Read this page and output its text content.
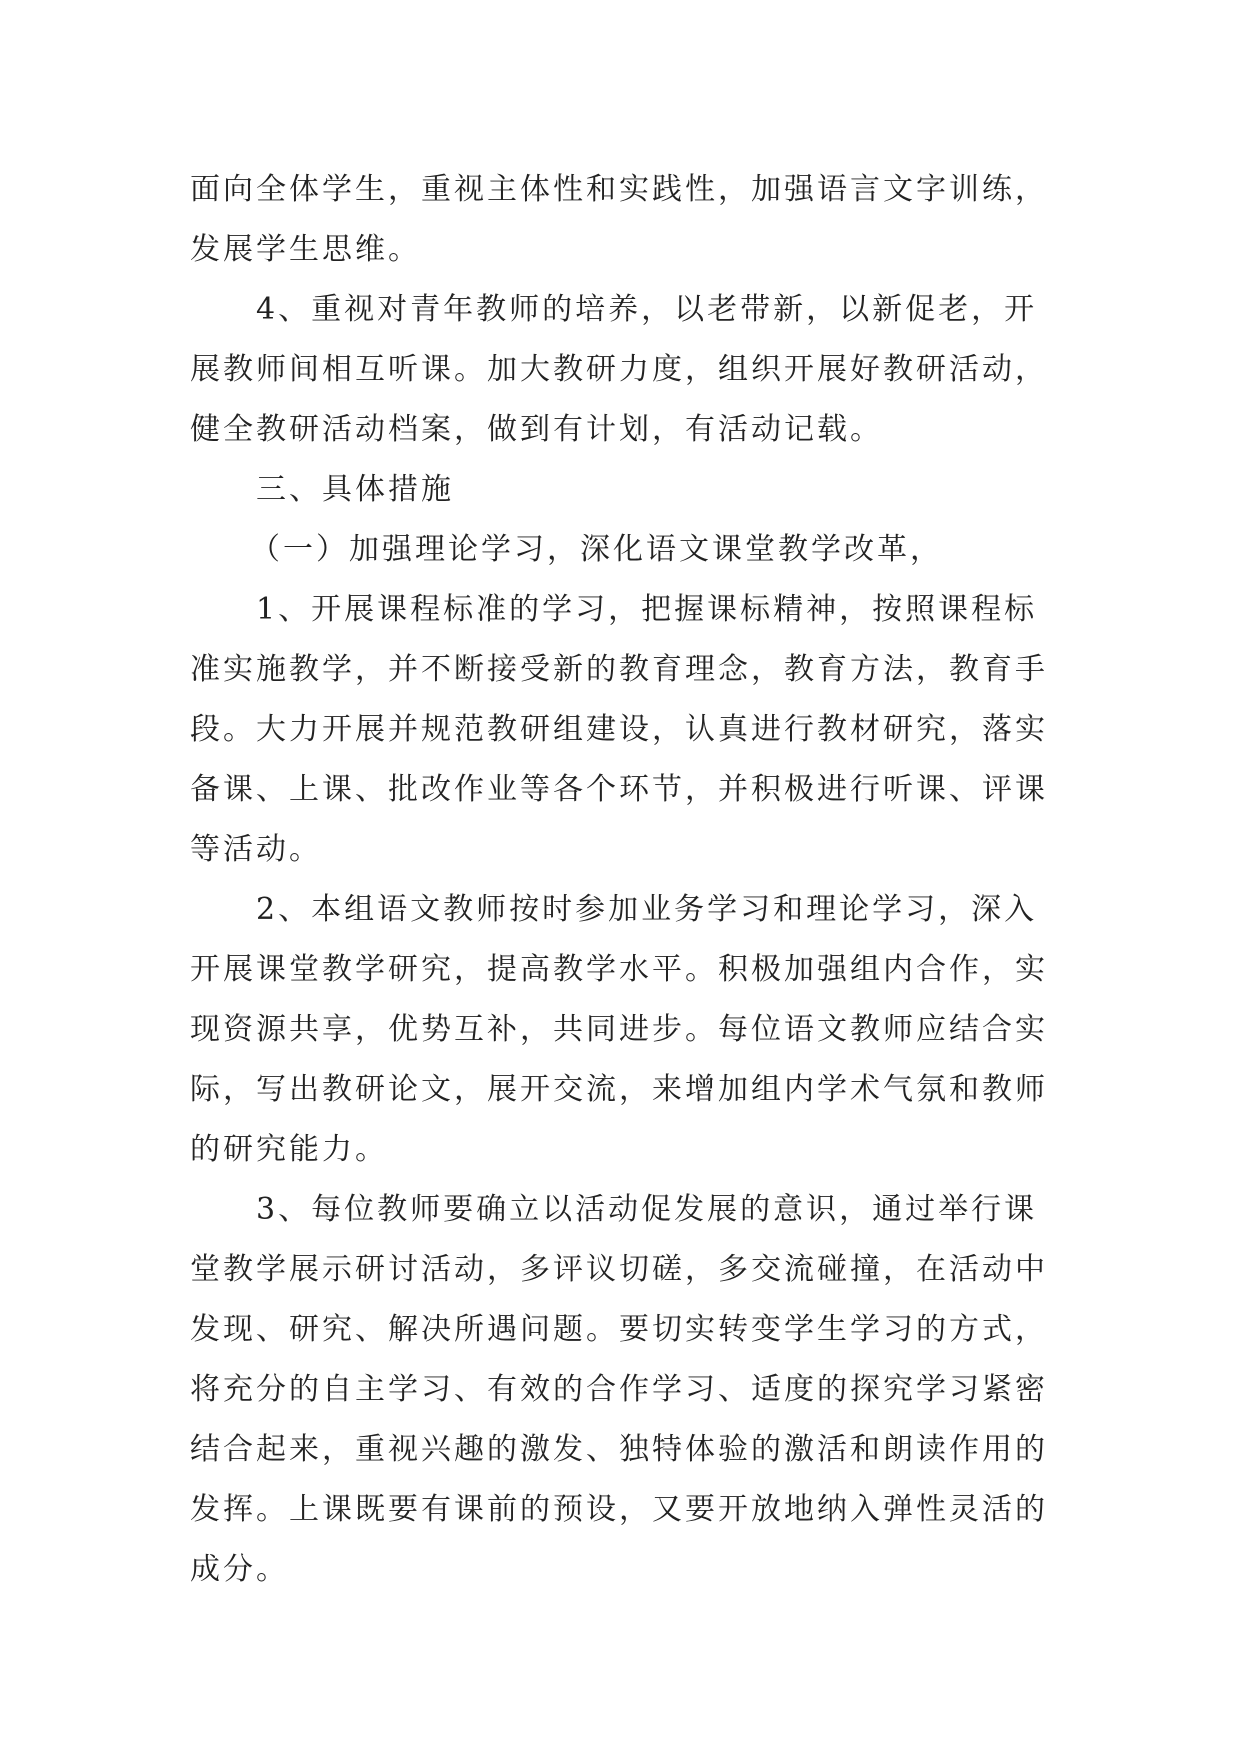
面向全体学生，重视主体性和实践性，加强语言文字训练，
发展学生思维。
4、重视对青年教师的培养，以老带新，以新促老，开
展教师间相互听课。加大教研力度，组织开展好教研活动，
健全教研活动档案，做到有计划，有活动记载。
三、具体措施
（一）加强理论学习，深化语文课堂教学改革，
1、开展课程标准的学习，把握课标精神，按照课程标
准实施教学，并不断接受新的教育理念，教育方法，教育手
段。大力开展并规范教研组建设，认真进行教材研究，落实
备课、上课、批改作业等各个环节，并积极进行听课、评课
等活动。
2、本组语文教师按时参加业务学习和理论学习，深入
开展课堂教学研究，提高教学水平。积极加强组内合作，实
现资源共享，优势互补，共同进步。每位语文教师应结合实
际，写出教研论文，展开交流，来增加组内学术气氛和教师
的研究能力。
3、每位教师要确立以活动促发展的意识，通过举行课
堂教学展示研讨活动，多评议切磋，多交流碰撞，在活动中
发现、研究、解决所遇问题。要切实转变学生学习的方式，
将充分的自主学习、有效的合作学习、适度的探究学习紧密
结合起来，重视兴趣的激发、独特体验的激活和朗读作用的
发挥。上课既要有课前的预设，又要开放地纳入弹性灵活的
成分。
